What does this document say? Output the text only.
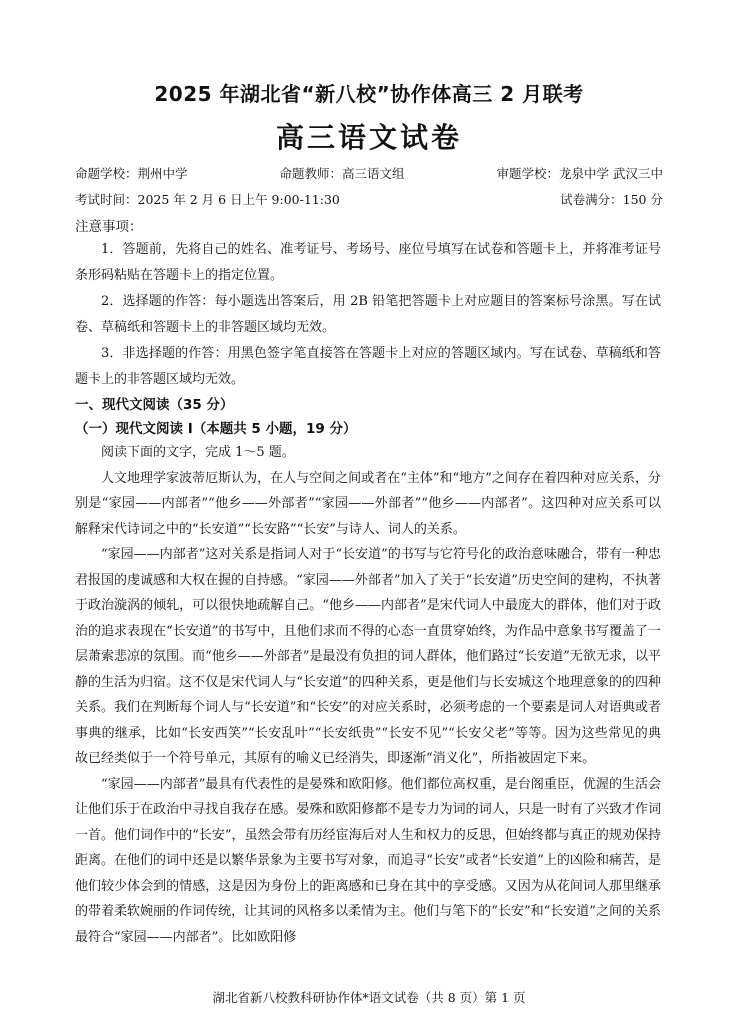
2025 年湖北省“新八校”协作体高三 2 月联考
高三语文试卷
命题学校：荆州中学	命题教师：高三语文组	审题学校：龙泉中学 武汉三中
考试时间：2025 年 2 月 6 日上午 9:00-11:30	试卷满分：150 分
注意事项：

1．答题前，先将自己的姓名、准考证号、考场号、座位号填写在试卷和答题卡上，并将准考证号条形码粘贴在答题卡上的指定位置。

2．选择题的作答：每小题选出答案后，用 2B 铅笔把答题卡上对应题目的答案标号涂黑。写在试卷、草稿纸和答题卡上的非答题区域均无效。

3．非选择题的作答：用黑色签字笔直接答在答题卡上对应的答题区域内。写在试卷、草稿纸和答题卡上的非答题区域均无效。

一、现代文阅读（35 分）
（一）现代文阅读 I（本题共 5 小题，19 分）

阅读下面的文字，完成 1～5 题。

人文地理学家波蒂厄斯认为，在人与空间之间或者在“主体”和“地方”之间存在着四种对应关系，分别是“家园——内部者”“他乡——外部者”“家园——外部者”“他乡——内部者”。这四种对应关系可以解释宋代诗词之中的“长安道”“长安路”“长安”与诗人、词人的关系。

“家园——内部者”这对关系是指词人对于“长安道”的书写与它符号化的政治意味融合，带有一种忠君报国的虔诚感和大权在握的自持感。“家园——外部者”加入了关于“长安道”历史空间的建构，不执著于政治漩涡的倾轧，可以很快地疏解自己。“他乡——内部者”是宋代词人中最庞大的群体，他们对于政治的追求表现在“长安道”的书写中，且他们求而不得的心态一直贯穿始终，为作品中意象书写覆盖了一层萧索悲凉的氛围。而“他乡——外部者”是最没有负担的词人群体，他们路过“长安道”无欲无求，以平静的生活为归宿。这不仅是宋代词人与“长安道”的四种关系，更是他们与长安城这个地理意象的的四种关系。我们在判断每个词人与“长安道”和“长安”的对应关系时，必须考虑的一个要素是词人对语典或者事典的继承，比如“长安西笑”“长安乱叶”“长安纸贵”“长安不见”“长安父老”等等。因为这些常见的典故已经类似于一个符号单元，其原有的喻义已经消失，即逐渐“消义化”，所指被固定下来。

“家园——内部者”最具有代表性的是晏殊和欧阳修。他们都位高权重，是台阁重臣，优渥的生活会让他们乐于在政治中寻找自我存在感。晏殊和欧阳修都不是专力为词的词人，只是一时有了兴致才作词一首。他们词作中的“长安”，虽然会带有历经宦海后对人生和权力的反思，但始终都与真正的规劝保持距离。在他们的词中还是以繁华景象为主要书写对象，而追寻“长安”或者“长安道”上的凶险和痛苦，是他们较少体会到的情感，这是因为身份上的距离感和已身在其中的享受感。又因为从花间词人那里继承的带着柔软婉丽的作词传统，让其词的风格多以柔情为主。他们与笔下的“长安”和“长安道”之间的关系最符合“家园——内部者”。比如欧阳修

湖北省新八校教科研协作体*语文试卷（共 8 页）第 1 页
